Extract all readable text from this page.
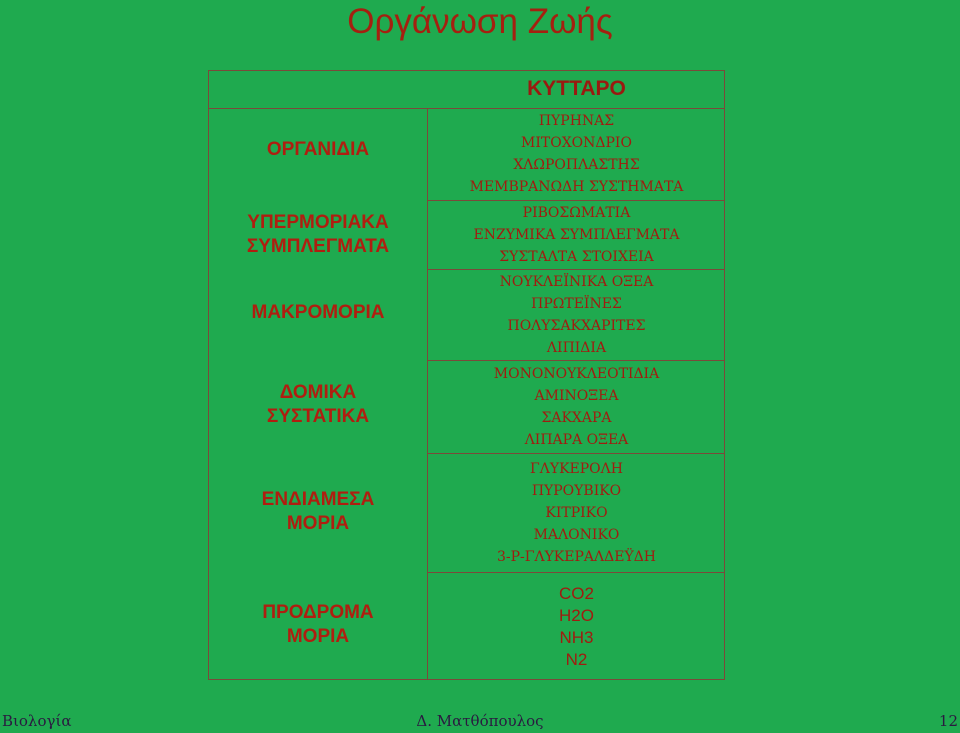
Οργάνωση Ζωής
ΚΥΤΤΑΡΟ
ΟΡΓΑΝΙΔΙΑ
ΠΥΡΗΝΑΣ
ΜΙΤΟΧΟΝΔΡΙΟ
ΧΛΩΡΟΠΛΑΣΤΗΣ
ΜΕΜΒΡΑΝΩΔΗ ΣΥΣΤΗΜΑΤΑ
ΥΠΕΡΜΟΡΙΑΚΑ
ΣΥΜΠΛΕΓΜΑΤΑ
ΡΙΒΟΣΩΜΑΤΙΑ
ΕΝΖΥΜΙΚΑ ΣΥΜΠΛΕΓΜΑΤΑ
ΣΥΣΤΑΛΤΑ ΣΤΟΙΧΕΙΑ
ΜΑΚΡΟΜΟΡΙΑ
ΝΟΥΚΛΕΪΝΙΚΑ ΟΞΕΑ
ΠΡΩΤΕΪΝΕΣ
ΠΟΛΥΣΑΚΧΑΡΙΤΕΣ
ΛΙΠΙΔΙΑ
ΔΟΜΙΚΑ
ΣΥΣΤΑΤΙΚΑ
ΜΟΝΟΝΟΥΚΛΕΟΤΙΔΙΑ
ΑΜΙΝΟΞΕΑ
ΣΑΚΧΑΡΑ
ΛΙΠΑΡΑ ΟΞΕΑ
ΕΝΔΙΑΜΕΣΑ
ΜΟΡΙΑ
ΓΛΥΚΕΡΟΛΗ
ΠΥΡΟΥΒΙΚΟ
ΚΙΤΡΙΚΟ
ΜΑΛΟΝΙΚΟ
3-Ρ-ΓΛΥΚΕΡΑΛΔΕΫΔΗ
ΠΡΟΔΡΟΜΑ
ΜΟΡΙΑ
CO2
H2O
NH3
N2
Βιολογία	Δ. Ματθόπουλος	12
